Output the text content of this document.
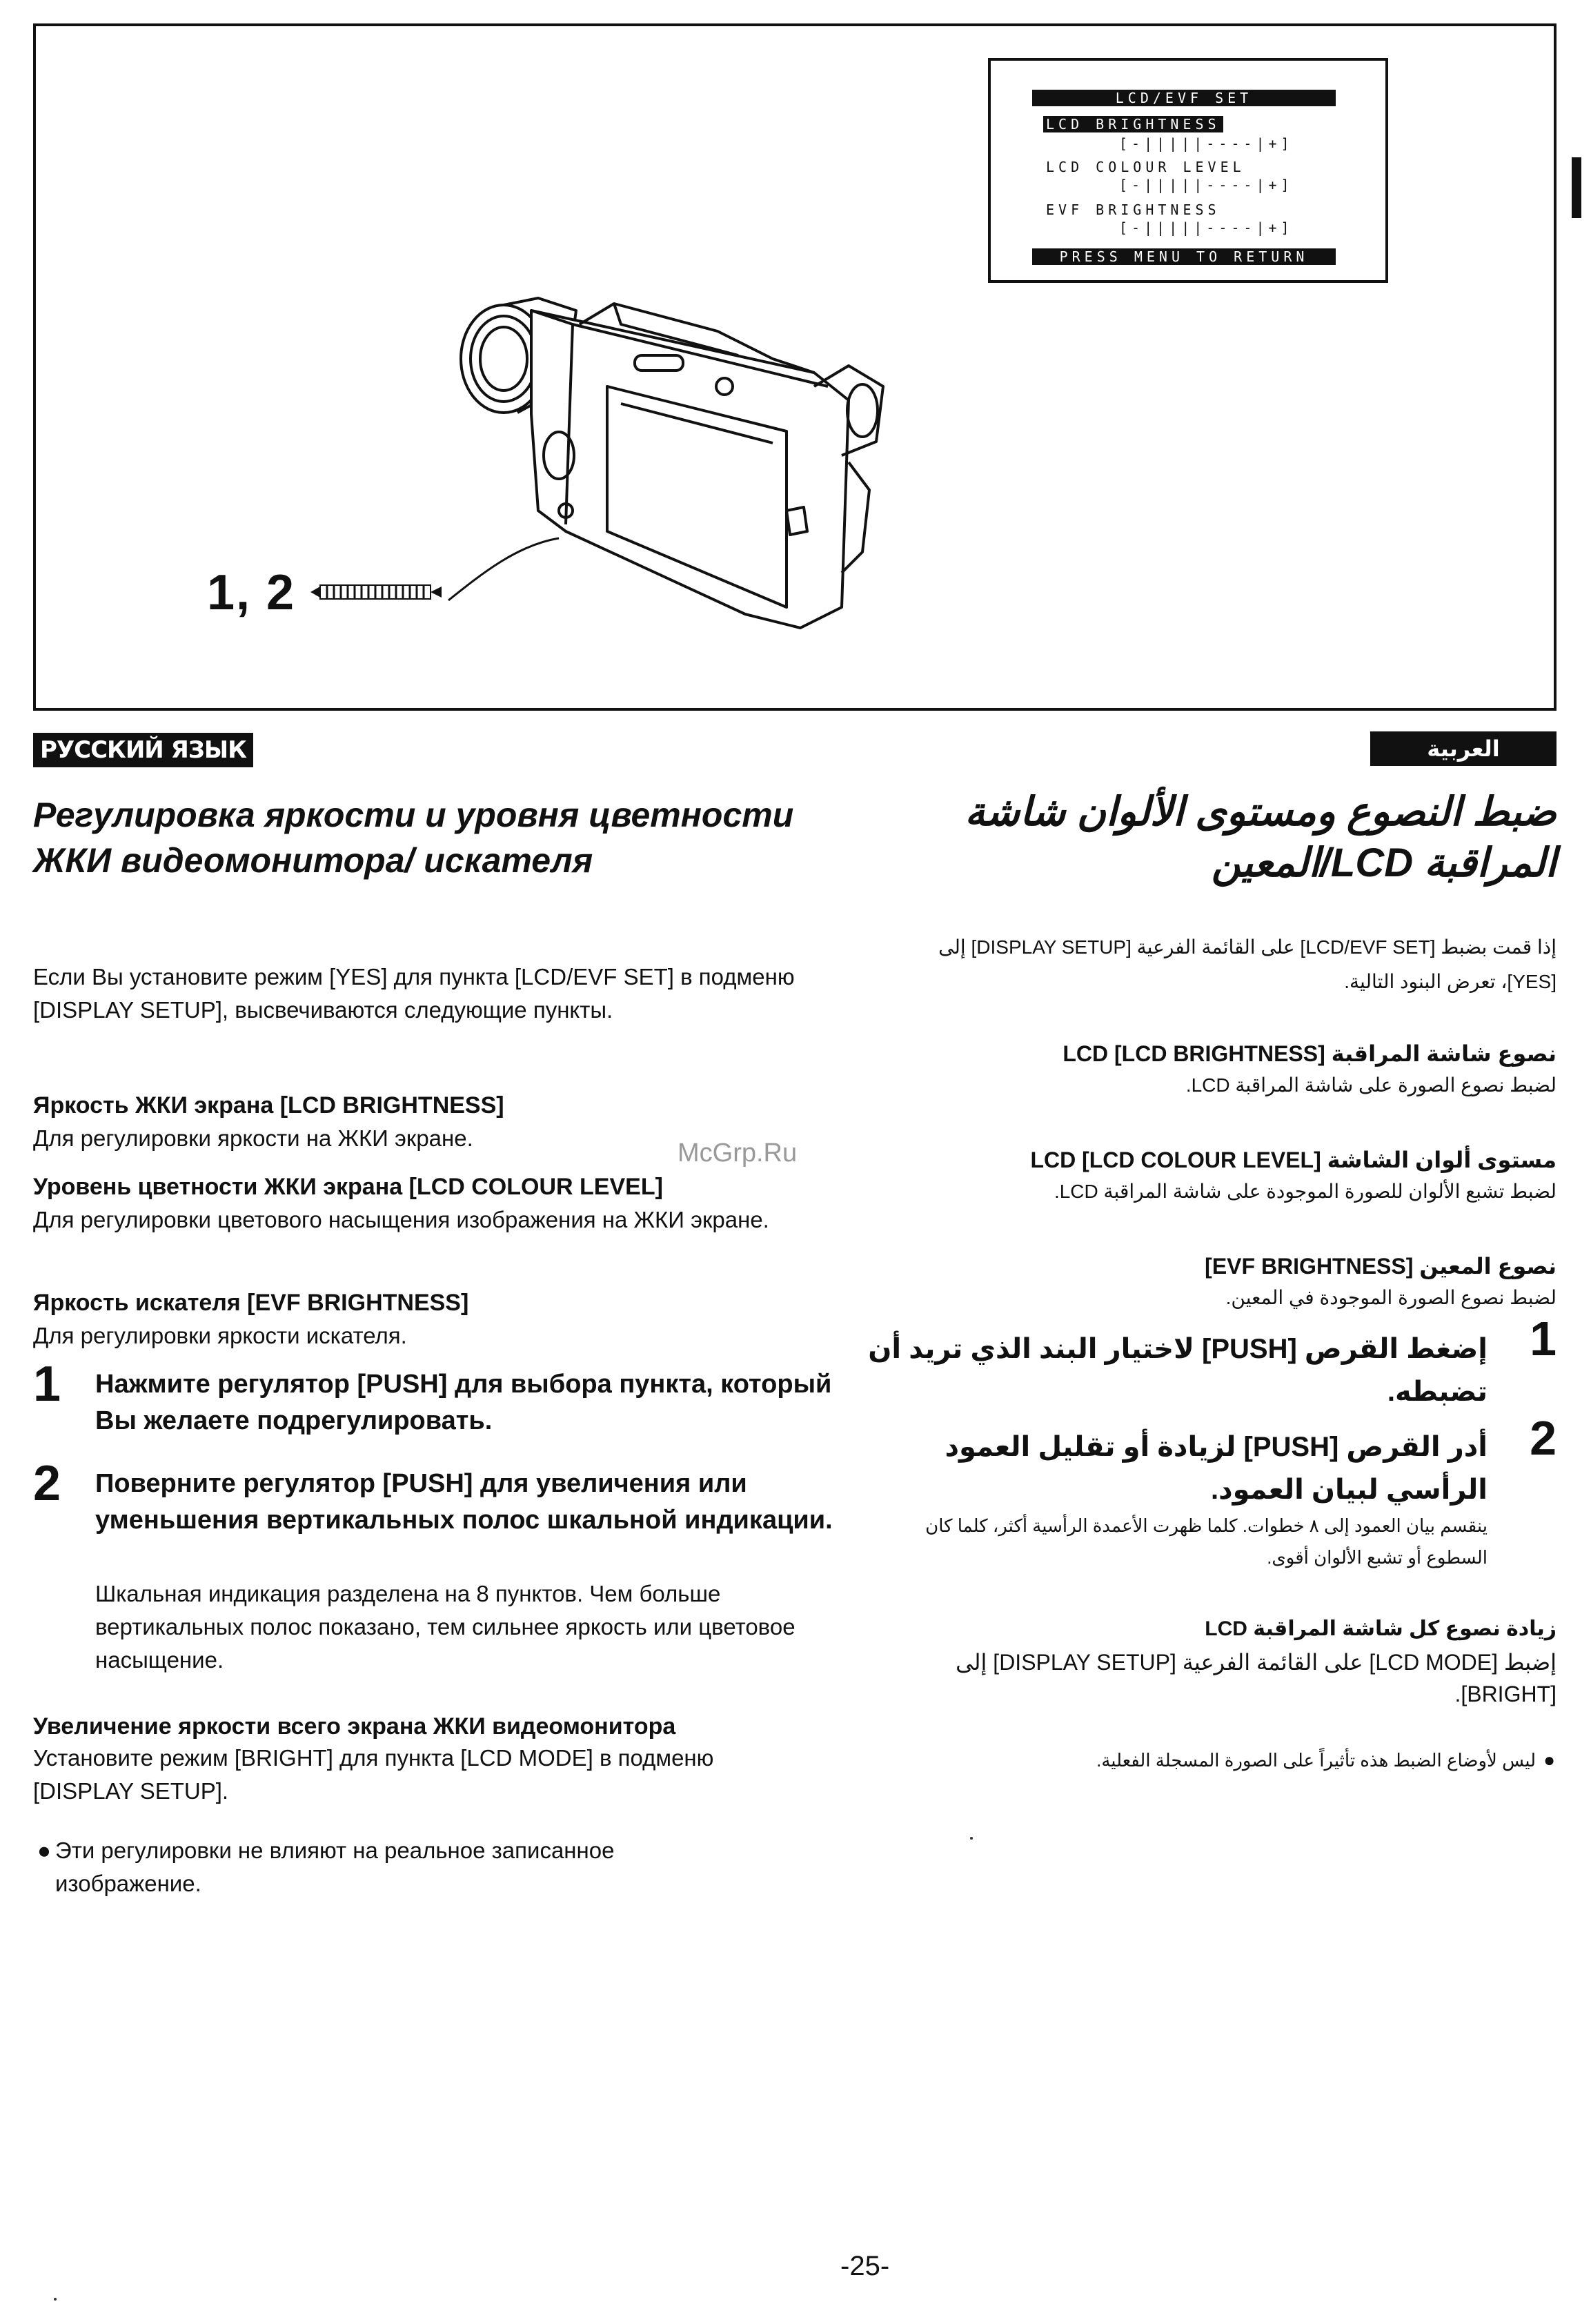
LCD/EVF SET
LCD BRIGHTNESS
[-|||||----|+]
LCD COLOUR LEVEL
[-|||||----|+]
EVF BRIGHTNESS
[-|||||----|+]
PRESS MENU TO RETURN
1, 2
РУССКИЙ ЯЗЫК
Регулировка яркости и уровня цветности ЖКИ видеомонитора/ искателя
Если Вы установите режим [YES] для пункта [LCD/EVF SET] в подменю [DISPLAY SETUP], высвечиваются следующие пункты.
Яркость ЖКИ экрана [LCD BRIGHTNESS]
Для регулировки яркости на ЖКИ экране.
Уровень цветности ЖКИ экрана [LCD COLOUR LEVEL]
Для регулировки цветового насыщения изображения на ЖКИ экране.
Яркость искателя [EVF BRIGHTNESS]
Для регулировки яркости искателя.
1 Нажмите регулятор [PUSH] для выбора пункта, который Вы желаете подрегулировать.
2 Поверните регулятор [PUSH] для увеличения или уменьшения вертикальных полос шкальной индикации.
Шкальная индикация разделена на 8 пунктов. Чем больше вертикальных полос показано, тем сильнее яркость или цветовое насыщение.
Увеличение яркости всего экрана ЖКИ видеомонитора
Установите режим [BRIGHT] для пункта [LCD MODE] в подменю [DISPLAY SETUP].
● Эти регулировки не влияют на реальное записанное изображение.
العربية
ضبط النصوع ومستوى الألوان شاشة المراقبة LCD/المعين
إذا قمت بضبط [LCD/EVF SET] على القائمة الفرعية [DISPLAY SETUP] إلى [YES]، تعرض البنود التالية.
نصوع شاشة المراقبة LCD [LCD BRIGHTNESS]
لضبط نصوع الصورة على شاشة المراقبة LCD.
مستوى ألوان الشاشة LCD [LCD COLOUR LEVEL]
لضبط تشبع الألوان للصورة الموجودة على شاشة المراقبة LCD.
نصوع المعين [EVF BRIGHTNESS]
لضبط نصوع الصورة الموجودة في المعين.
1
إضغط القرص [PUSH] لاختيار البند الذي تريد أن تضبطه.
2
أدر القرص [PUSH] لزيادة أو تقليل العمود الرأسي لبيان العمود.
ينقسم بيان العمود إلى ٨ خطوات. كلما ظهرت الأعمدة الرأسية أكثر، كلما كان السطوع أو تشبع الألوان أقوى.
زيادة نصوع كل شاشة المراقبة LCD
إضبط [LCD MODE] على القائمة الفرعية [DISPLAY SETUP] إلى [BRIGHT].
ليس لأوضاع الضبط هذه تأثيراً على الصورة المسجلة الفعلية. ●
McGrp.Ru
-25-
